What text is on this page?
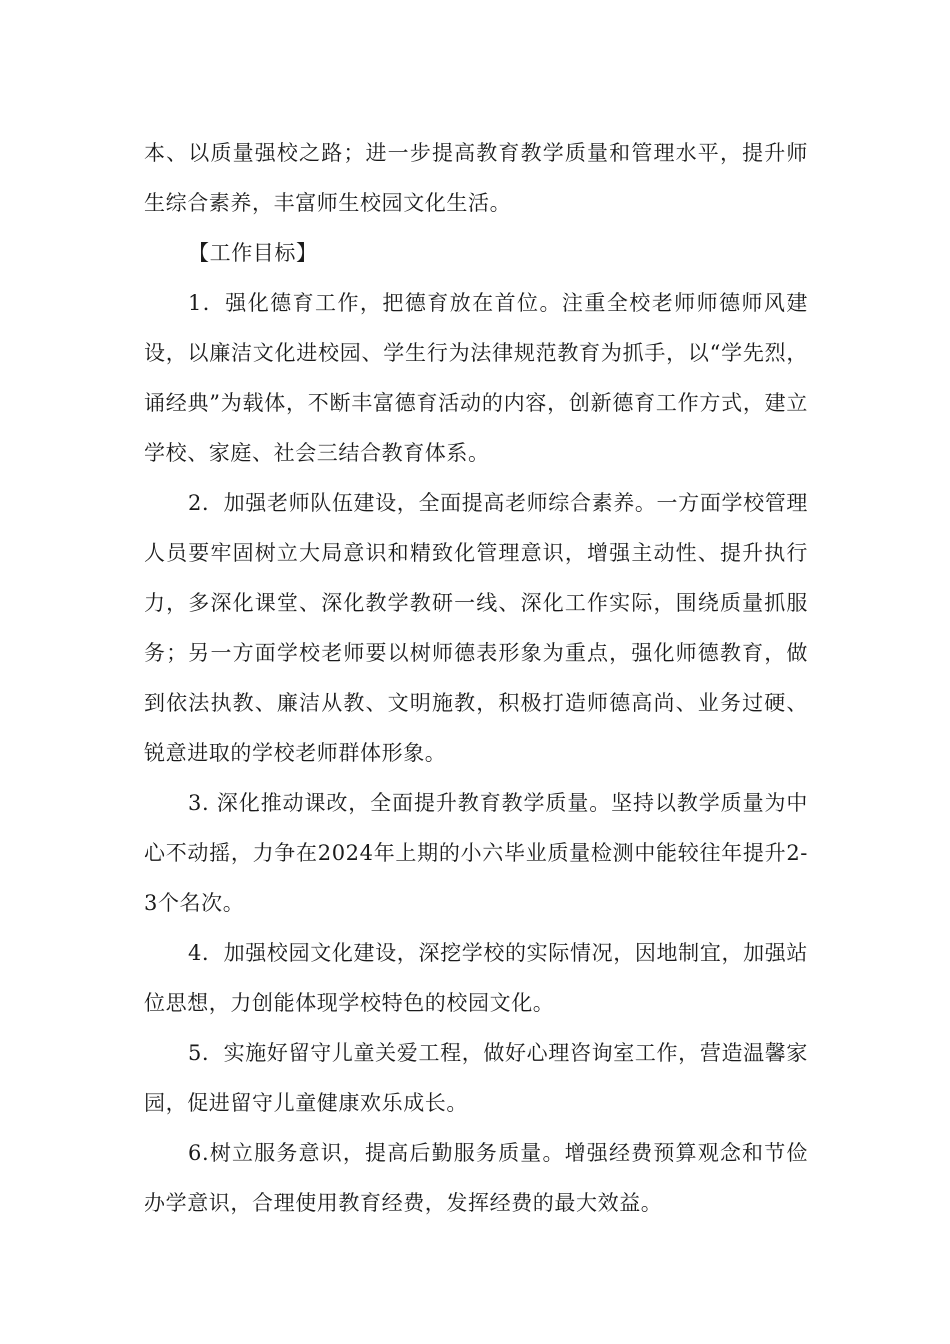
本、以质量强校之路；进一步提高教育教学质量和管理水平，提升师生综合素养，丰富师生校园文化生活。

【工作目标】

1．强化德育工作，把德育放在首位。注重全校老师师德师风建设，以廉洁文化进校园、学生行为法律规范教育为抓手，以“学先烈，诵经典”为载体，不断丰富德育活动的内容，创新德育工作方式，建立学校、家庭、社会三结合教育体系。

2．加强老师队伍建设，全面提高老师综合素养。一方面学校管理人员要牢固树立大局意识和精致化管理意识，增强主动性、提升执行力，多深化课堂、深化教学教研一线、深化工作实际，围绕质量抓服务；另一方面学校老师要以树师德表形象为重点，强化师德教育，做到依法执教、廉洁从教、文明施教，积极打造师德高尚、业务过硬、锐意进取的学校老师群体形象。

3. 深化推动课改，全面提升教育教学质量。坚持以教学质量为中心不动摇，力争在2024年上期的小六毕业质量检测中能较往年提升2-3个名次。

4．加强校园文化建设，深挖学校的实际情况，因地制宜，加强站位思想，力创能体现学校特色的校园文化。

5．实施好留守儿童关爱工程，做好心理咨询室工作，营造温馨家园，促进留守儿童健康欢乐成长。

6.树立服务意识，提高后勤服务质量。增强经费预算观念和节俭办学意识，合理使用教育经费，发挥经费的最大效益。
